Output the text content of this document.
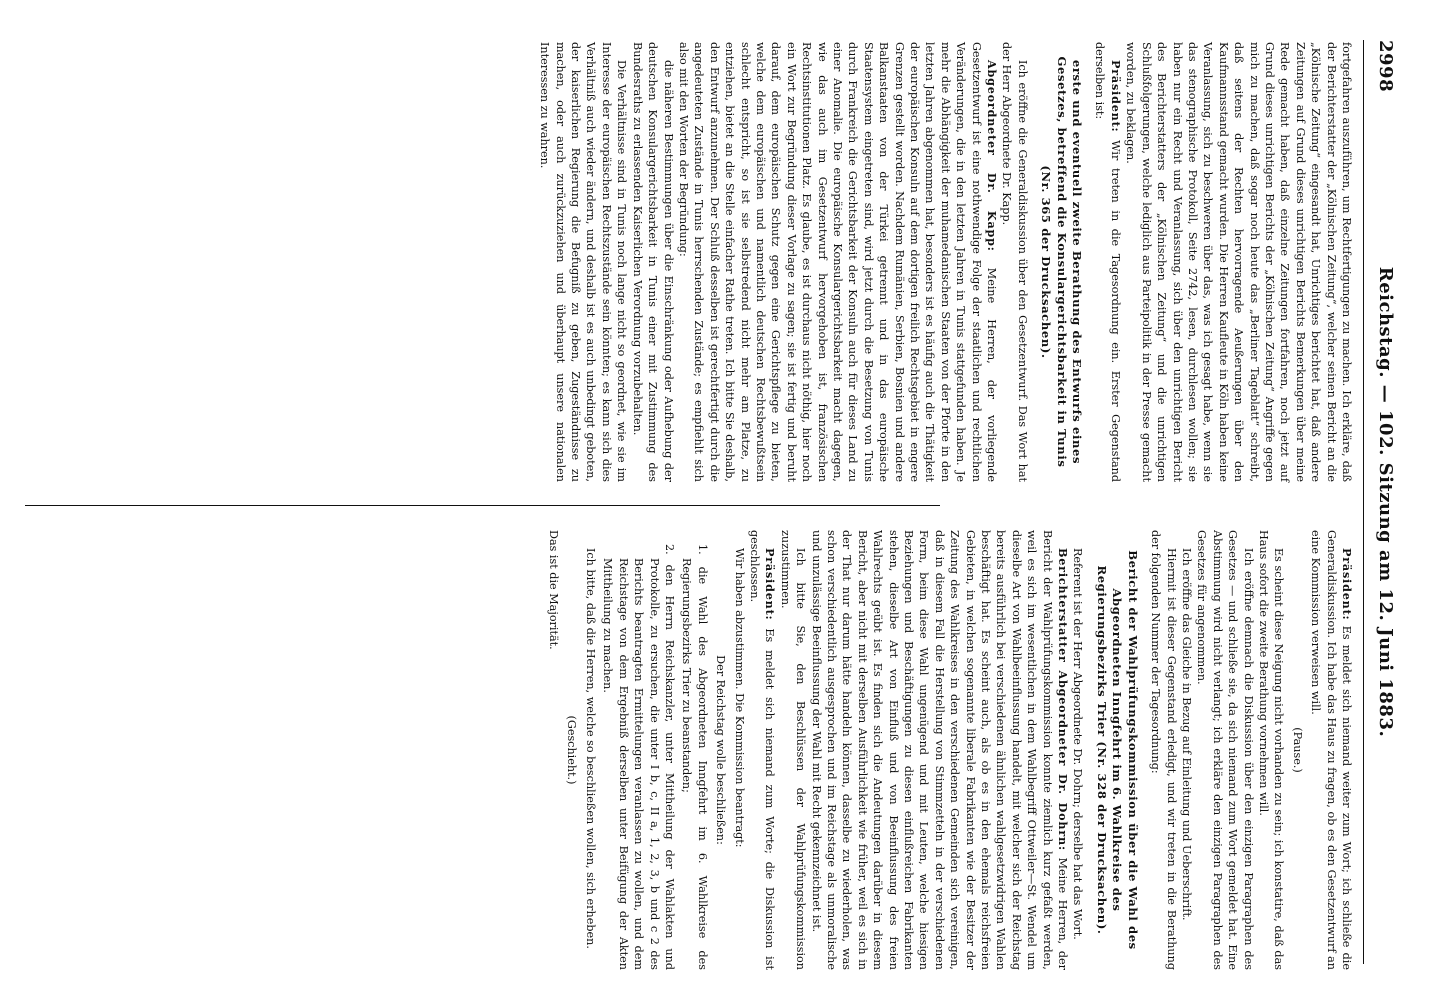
Reichstag. — 102. Sitzung am 12. Juni 1883.
2998

fortgefahren auszuführen, um Rechtfertigungen zu machen. Ich erkläre, daß der Berichterstatter der „Kölnischen Zeitung“, welcher seinen Bericht an die „Kölnische Zeitung“ eingesandt hat, Unrichtiges berichtet hat, daß andere Zeitungen auf Grund dieses unrichtigen Berichts Bemerkungen über meine Rede gemacht haben, daß einzelne Zeitungen fortfahren, noch jetzt auf Grund dieses unrichtigen Berichts der „Kölnischen Zeitung“ Angriffe gegen mich zu machen, daß sogar noch heute das „Berliner Tageblatt“ schreibt, daß seitens der Rechten hervorragende Aeußerungen über den Kaufmannsstand gemacht wurden. Die Herren Kaufleute in Köln haben keine Veranlassung, sich zu beschweren über das, was ich gesagt habe, wenn sie das stenographische Protokoll, Seite 2742, lesen, durchlesen wollen; sie haben nur ein Recht und Veranlassung, sich über den unrichtigen Bericht des Berichterstatters der „Kölnischen Zeitung“ und die unrichtigen Schlußfolgerungen, welche lediglich aus Parteipolitik in der Presse gemacht worden, zu beklagen.

Präsident: Wir treten in die Tagesordnung ein. Erster Gegenstand derselben ist:

erste und eventuell zweite Berathung des Entwurfs eines Gesetzes, betreffend die Konsulargerichtsbarkeit in Tunis (Nr. 365 der Drucksachen).

Ich eröffne die Generaldiskussion über den Gesetzentwurf. Das Wort hat der Herr Abgeordnete Dr. Kapp.

Abgeordneter Dr. Kapp: Meine Herren, der vorliegende Gesetzentwurf ist eine nothwendige Folge der staatlichen und rechtlichen Veränderungen, die in den letzten Jahren in Tunis stattgefunden haben. Je mehr die Abhängigkeit der muhamedanischen Staaten von der Pforte in den letzten Jahren abgenommen hat, besonders ist es häufig auch die Thätigkeit der europäischen Konsuln auf dem dortigen freilich Rechtsgebiet in engere Grenzen gestellt worden. Nachdem Rumänien, Serbien, Bosnien und andere Balkanstaaten von der Türkei getrennt und in das europäische Staatensystem eingetreten sind, wird jetzt durch die Besetzung von Tunis durch Frankreich die Gerichtsbarkeit der Konsuln auch für dieses Land zu einer Anomalie. Die europäische Konsulargerichtsbarkeit macht dagegen, wie das auch im Gesetzentwurf hervorgehoben ist, französischen Rechtsinstitutionen Platz. Es glaube, es ist durchaus nicht nöthig, hier noch ein Wort zur Begründung dieser Vorlage zu sagen; sie ist fertig und beruht darauf, dem europäischen Schutz gegen eine Gerichtspflege zu bieten, welche dem europäischen und namentlich deutschen Rechtsbewußtsein schlecht entspricht, so ist sie selbstredend nicht mehr am Platze, zu entziehen, bietet an die Stelle einfacher Rathe treten. Ich bitte Sie deshalb, den Entwurf anzunehmen. Der Schluß desselben ist gerechtfertigt durch die angedeuteten Zustände in Tunis herrschenden Zustände; es empfiehlt sich also mit den Worten der Begründung:

die näheren Bestimmungen über die Einschränkung oder Aufhebung der deutschen Konsulargerichtsbarkeit in Tunis einer mit Zustimmung des Bundesraths zu erlassenden Kaiserlichen Verordnung vorzubehalten.

Die Verhältnisse sind in Tunis noch lange nicht so geordnet, wie sie im Interesse der europäischen Rechtszustände sein könnten; es kann sich dies Verhältniß auch wieder ändern, und deshalb ist es auch unbedingt geboten, der kaiserlichen Regierung die Befugniß zu geben, Zugeständnisse zu machen, oder auch zurückzuziehen und überhaupt unsere nationalen Interessen zu wahren.

Präsident: Es meldet sich niemand weiter zum Wort; ich schließe die Generaldiskussion. Ich habe das Haus zu fragen, ob es den Gesetzentwurf an eine Kommission verweisen will.

(Pause.)

Es scheint diese Neigung nicht vorhanden zu sein; ich konstatire, daß das Haus sofort die zweite Berathung vornehmen will.

Ich eröffne demnach die Diskussion über den einzigen Paragraphen des Gesetzes — und schließe sie, da sich niemand zum Wort gemeldet hat. Eine Abstimmung wird nicht verlangt; ich erkläre den einzigen Paragraphen des Gesetzes für angenommen.

Ich eröffne das Gleiche in Bezug auf Einleitung und Ueberschrift.

Hiermit ist dieser Gegenstand erledigt, und wir treten in die Berathung der folgenden Nummer der Tagesordnung:

Bericht der Wahlprüfungskommission über die Wahl des Abgeordneten Inngfehrt im 6. Wahlkreise des Regierungsbezirks Trier (Nr. 328 der Drucksachen).

Referent ist der Herr Abgeordnete Dr. Dohrn; derselbe hat das Wort.

Berichterstatter Abgeordneter Dr. Dohrn: Meine Herren, der Bericht der Wahlprüfungskommission konnte ziemlich kurz gefaßt werden, weil es sich im wesentlichen in dem Wahlbegriff Ottweiler—St. Wendel um dieselbe Art von Wahlbeeinflussung handelt, mit welcher sich der Reichstag bereits ausführlich bei verschiedenen ähnlichen wahlgesetzwidrigen Wahlen beschäftigt hat. Es scheint auch, als ob es in den ehemals reichsfreien Gebieten, in welchen sogenannte liberale Fabrikanten wie der Besitzer der Zeitung des Wahlkreises in den verschiedenen Gemeinden sich vereinigen, daß in diesem Fall die Herstellung von Stimmzetteln in der verschiedenen Form, beim diese Wahl ungenügend und mit Leuten, welche hiesigen Beziehungen und Beschäftigungen zu diesen einflußreichen Fabrikanten stehen, dieselbe Art von Einfluß und von Beeinflussung des freien Wahlrechts geübt ist. Es finden sich die Andeutungen darüber in diesem Bericht, aber nicht mit derselben Ausführlichkeit wie früher, weil es sich in der That nur darum hätte handeln können, dasselbe zu wiederholen, was schon verschiedentlich ausgesprochen und im Reichstage als unmoralische und unzulässige Beeinflussung der Wahl mit Recht gekennzeichnet ist.

Ich bitte Sie, den Beschlüssen der Wahlprüfungskommission zuzustimmen.

Präsident: Es meldet sich niemand zum Worte; die Diskussion ist geschlossen.

Wir haben abzustimmen. Die Kommission beantragt:

Der Reichstag wolle beschließen:

1. die Wahl des Abgeordneten Inngfehrt im 6. Wahlkreise des Regierungsbezirks Trier zu beanstanden;

2. den Herrn Reichskanzler, unter Mittheilung der Wahlakten und Protokolle, zu ersuchen, die unter I b, c, II a, 1, 2, 3, b und c 2 des Berichts beantragten Ermittelungen veranlassen zu wollen, und dem Reichstage von dem Ergebniß derselben unter Beifügung der Akten Mittheilung zu machen.

Ich bitte, daß die Herren, welche so beschließen wollen, sich erheben.

(Geschieht.)

Das ist die Majorität.
